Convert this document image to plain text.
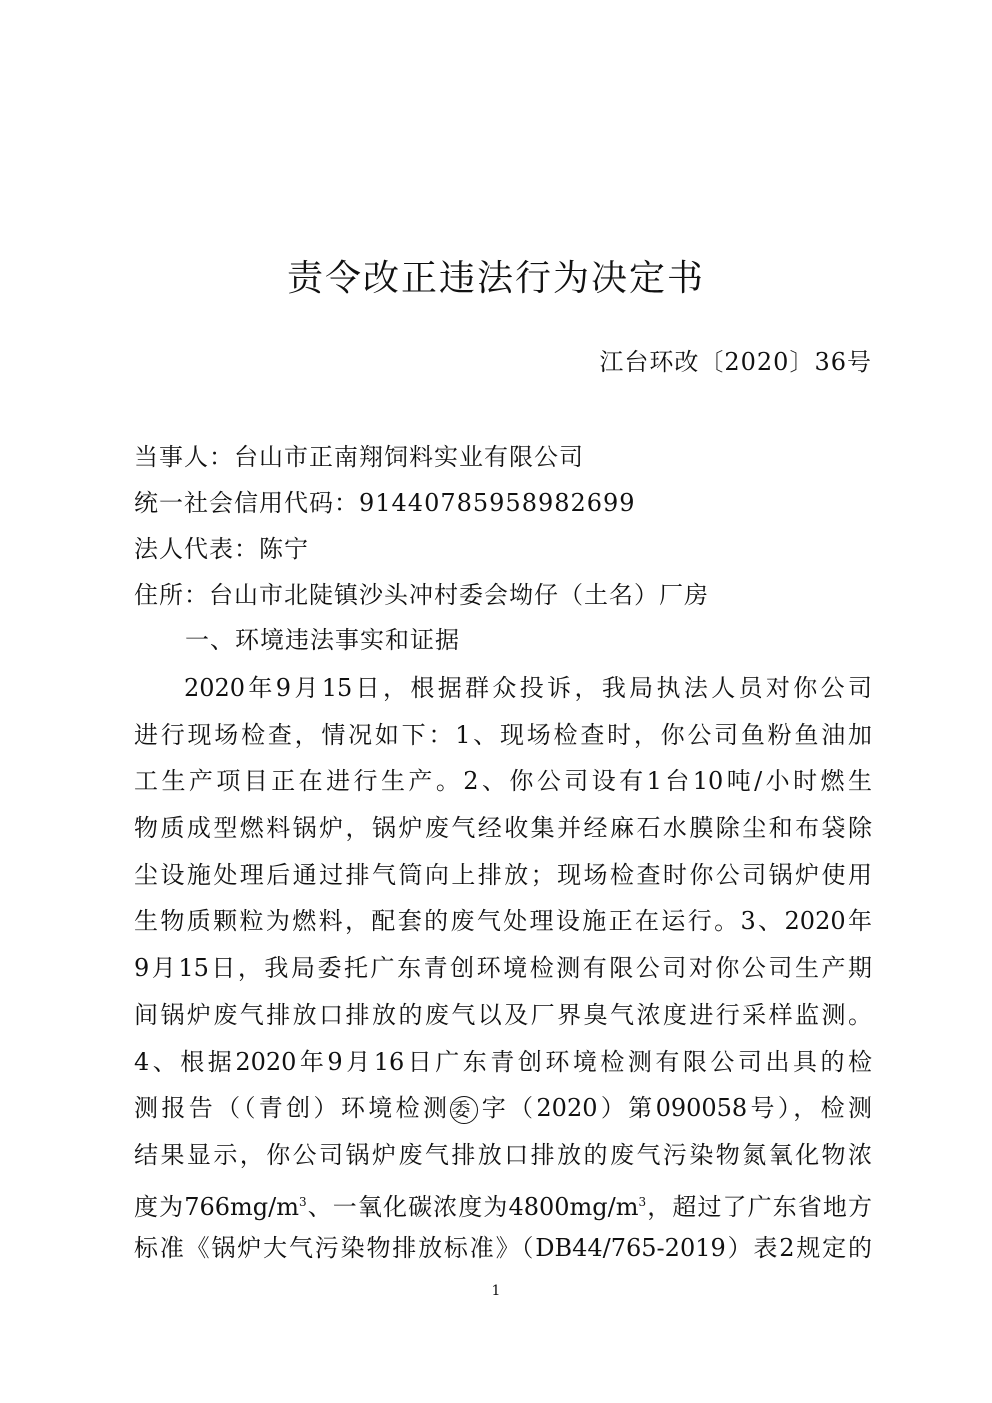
责令改正违法行为决定书
江台环改〔2020〕36号
当事人：台山市正南翔饲料实业有限公司
统一社会信用代码：91440785958982699
法人代表：陈宁
住所：台山市北陡镇沙头冲村委会坳仔（土名）厂房
一、环境违法事实和证据
2020年9月15日，根据群众投诉，我局执法人员对你公司
进行现场检查，情况如下：1、现场检查时，你公司鱼粉鱼油加
工生产项目正在进行生产。2、你公司设有1台10吨/小时燃生
物质成型燃料锅炉，锅炉废气经收集并经麻石水膜除尘和布袋除
尘设施处理后通过排气筒向上排放；现场检查时你公司锅炉使用
生物质颗粒为燃料，配套的废气处理设施正在运行。3、2020年
9月15日，我局委托广东青创环境检测有限公司对你公司生产期
间锅炉废气排放口排放的废气以及厂界臭气浓度进行采样监测。
4、根据2020年9月16日广东青创环境检测有限公司出具的检
测报告（（青创）环境检测委 字（2020）第090058号），检测
结果显示，你公司锅炉废气排放口排放的废气污染物氮氧化物浓
度为$766mg/m^3$、一氧化碳浓度为$4800mg/m^3$，超过了广东省地方
标准《锅炉大气污染物排放标准》（DB44/765-2019）表2规定的
1
